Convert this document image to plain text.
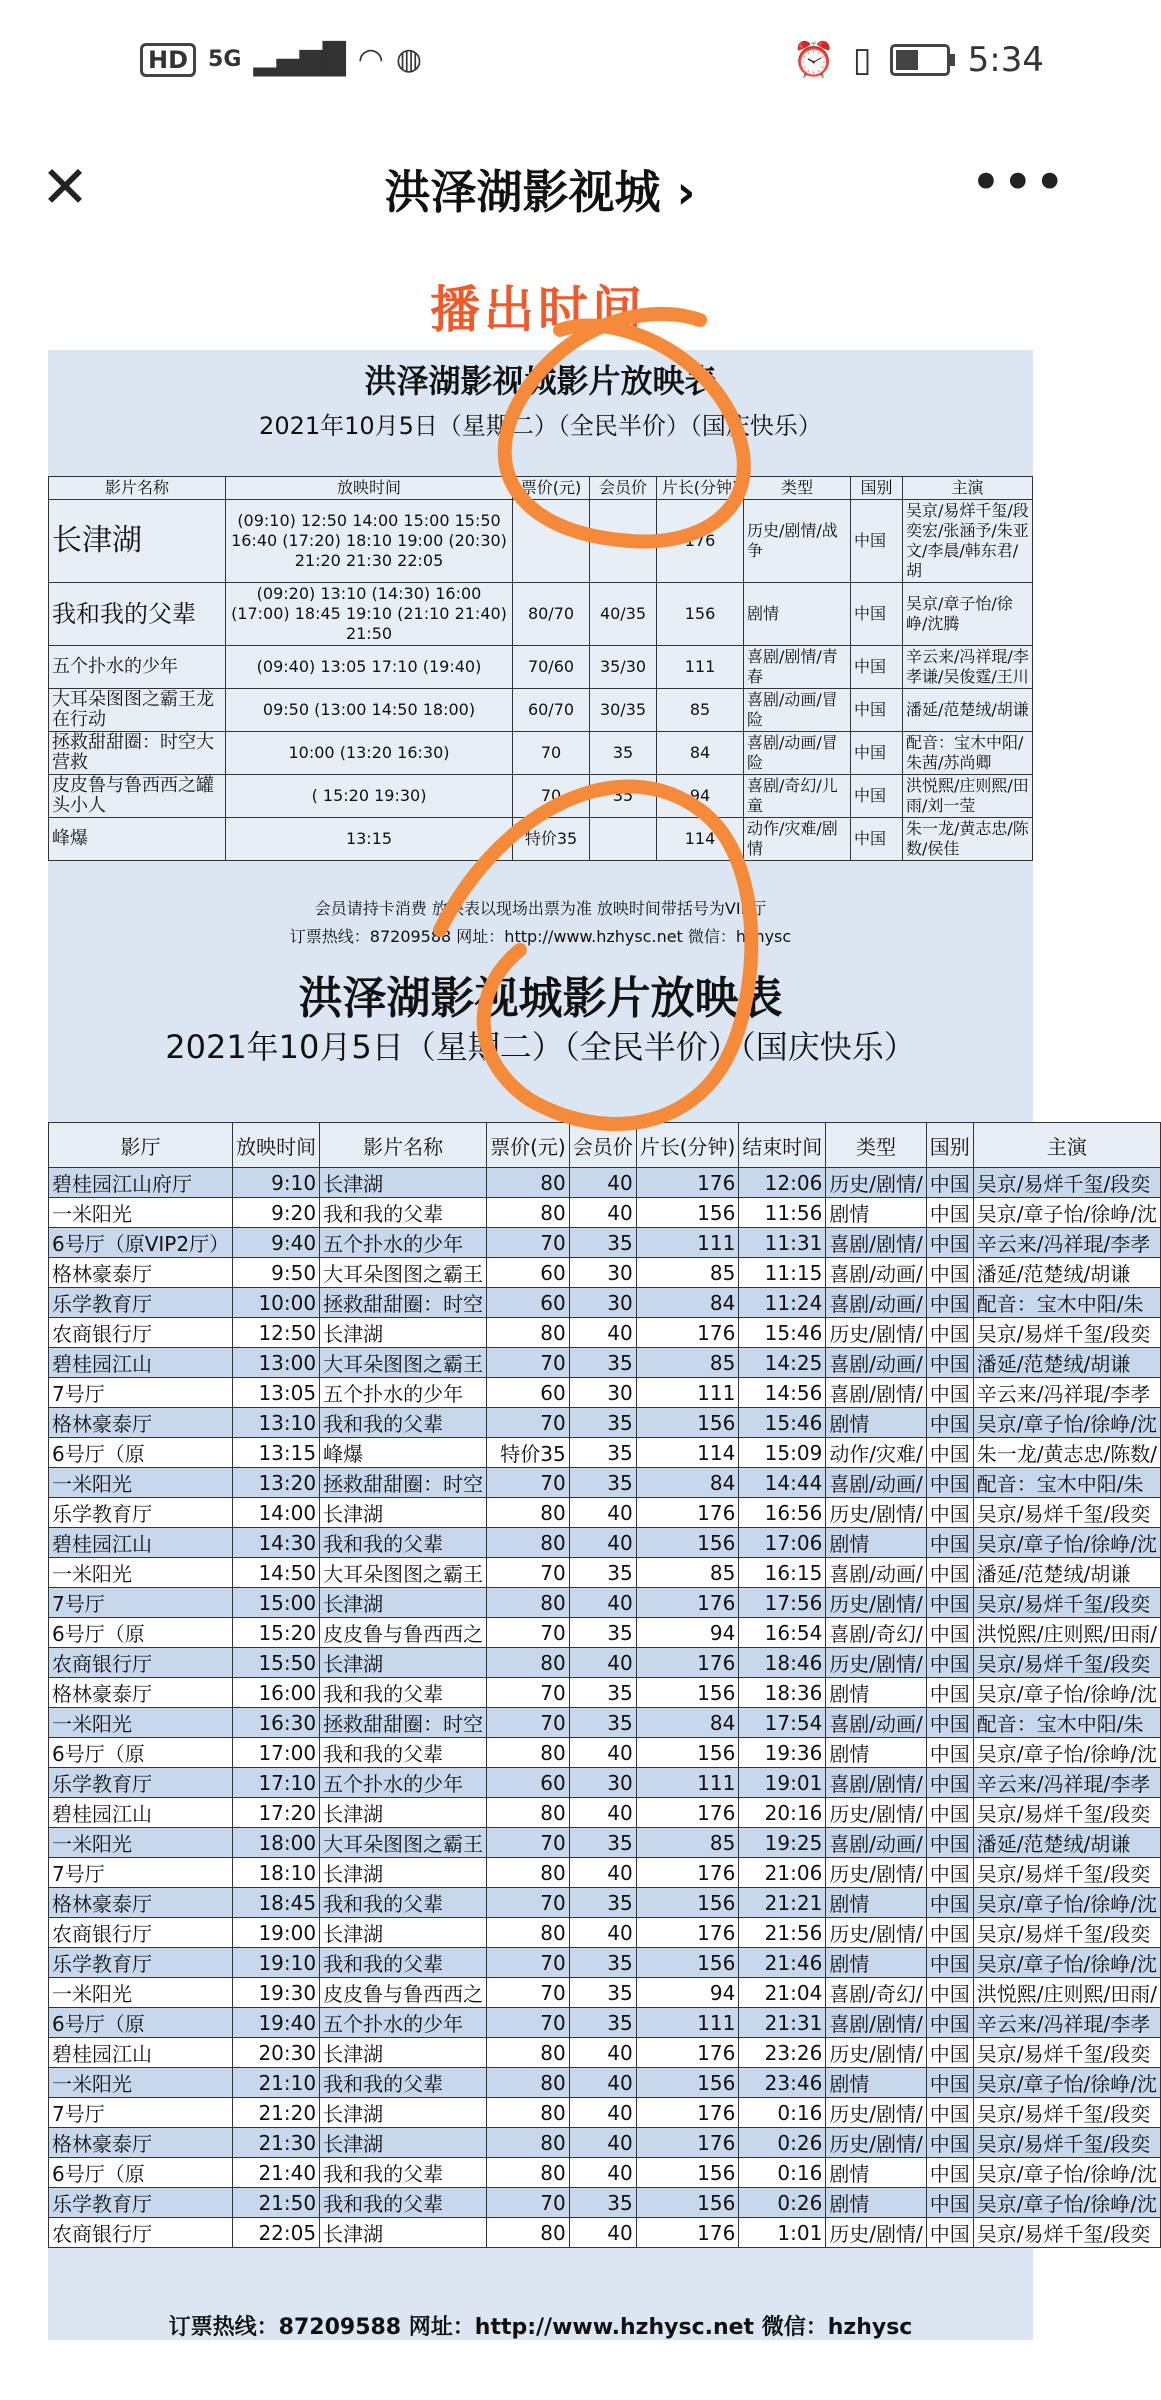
HD 5G ▂▄▆█ ◠ ◍	⏰ ▯	5:34
✕	洪泽湖影视城 ›	•••
播出时间
洪泽湖影视城影片放映表
2021年10月5日（星期二）（全民半价）（国庆快乐）
影片名称	放映时间	票价(元)	会员价	片长(分钟)	类型	国别	主演
长津湖	(09:10) 12:50 14:00 15:00 15:50 16:40 (17:20) 18:10 19:00 (20:30) 21:20 21:30 22:05		40	176	历史/剧情/战争	中国	吴京/易烊千玺/段奕宏/张涵予/朱亚文/李晨/韩东君/胡
我和我的父辈	(09:20) 13:10 (14:30) 16:00 (17:00) 18:45 19:10 (21:10 21:40) 21:50	80/70	40/35	156	剧情	中国	吴京/章子怡/徐峥/沈腾
五个扑水的少年	(09:40) 13:05 17:10 (19:40)	70/60	35/30	111	喜剧/剧情/青春	中国	辛云来/冯祥琨/李孝谦/吴俊霆/王川
大耳朵图图之霸王龙在行动	09:50 (13:00 14:50 18:00)	60/70	30/35	85	喜剧/动画/冒险	中国	潘延/范楚绒/胡谦
拯救甜甜圈：时空大营救	10:00 (13:20 16:30)	70	35	84	喜剧/动画/冒险	中国	配音：宝木中阳/朱茜/苏尚卿
皮皮鲁与鲁西西之罐头小人	( 15:20 19:30)	70	35	94	喜剧/奇幻/儿童	中国	洪悦熙/庄则熙/田雨/刘一莹
峰爆	13:15	特价35		114	动作/灾难/剧情	中国	朱一龙/黄志忠/陈数/侯佳
会员请持卡消费 放映表以现场出票为准 放映时间带括号为VIP厅
订票热线：87209588 网址：http://www.hzhysc.net 微信：hzhysc
洪泽湖影视城影片放映表
2021年10月5日（星期二）（全民半价）（国庆快乐）
影厅	放映时间	影片名称	票价(元)	会员价	片长(分钟)	结束时间	类型	国别	主演
碧桂园江山府厅	9:10	长津湖	80	40	176	12:06	历史/剧情/	中国	吴京/易烊千玺/段奕
一米阳光	9:20	我和我的父辈	80	40	156	11:56	剧情	中国	吴京/章子怡/徐峥/沈
6号厅（原VIP2厅）	9:40	五个扑水的少年	70	35	111	11:31	喜剧/剧情/	中国	辛云来/冯祥琨/李孝
格林豪泰厅	9:50	大耳朵图图之霸王	60	30	85	11:15	喜剧/动画/	中国	潘延/范楚绒/胡谦
乐学教育厅	10:00	拯救甜甜圈：时空	60	30	84	11:24	喜剧/动画/	中国	配音：宝木中阳/朱
农商银行厅	12:50	长津湖	80	40	176	15:46	历史/剧情/	中国	吴京/易烊千玺/段奕
碧桂园江山	13:00	大耳朵图图之霸王	70	35	85	14:25	喜剧/动画/	中国	潘延/范楚绒/胡谦
7号厅	13:05	五个扑水的少年	60	30	111	14:56	喜剧/剧情/	中国	辛云来/冯祥琨/李孝
格林豪泰厅	13:10	我和我的父辈	70	35	156	15:46	剧情	中国	吴京/章子怡/徐峥/沈
6号厅（原	13:15	峰爆	特价35	35	114	15:09	动作/灾难/	中国	朱一龙/黄志忠/陈数/
一米阳光	13:20	拯救甜甜圈：时空	70	35	84	14:44	喜剧/动画/	中国	配音：宝木中阳/朱
乐学教育厅	14:00	长津湖	80	40	176	16:56	历史/剧情/	中国	吴京/易烊千玺/段奕
碧桂园江山	14:30	我和我的父辈	80	40	156	17:06	剧情	中国	吴京/章子怡/徐峥/沈
一米阳光	14:50	大耳朵图图之霸王	70	35	85	16:15	喜剧/动画/	中国	潘延/范楚绒/胡谦
7号厅	15:00	长津湖	80	40	176	17:56	历史/剧情/	中国	吴京/易烊千玺/段奕
6号厅（原	15:20	皮皮鲁与鲁西西之	70	35	94	16:54	喜剧/奇幻/	中国	洪悦熙/庄则熙/田雨/
农商银行厅	15:50	长津湖	80	40	176	18:46	历史/剧情/	中国	吴京/易烊千玺/段奕
格林豪泰厅	16:00	我和我的父辈	70	35	156	18:36	剧情	中国	吴京/章子怡/徐峥/沈
一米阳光	16:30	拯救甜甜圈：时空	70	35	84	17:54	喜剧/动画/	中国	配音：宝木中阳/朱
6号厅（原	17:00	我和我的父辈	80	40	156	19:36	剧情	中国	吴京/章子怡/徐峥/沈
乐学教育厅	17:10	五个扑水的少年	60	30	111	19:01	喜剧/剧情/	中国	辛云来/冯祥琨/李孝
碧桂园江山	17:20	长津湖	80	40	176	20:16	历史/剧情/	中国	吴京/易烊千玺/段奕
一米阳光	18:00	大耳朵图图之霸王	70	35	85	19:25	喜剧/动画/	中国	潘延/范楚绒/胡谦
7号厅	18:10	长津湖	80	40	176	21:06	历史/剧情/	中国	吴京/易烊千玺/段奕
格林豪泰厅	18:45	我和我的父辈	70	35	156	21:21	剧情	中国	吴京/章子怡/徐峥/沈
农商银行厅	19:00	长津湖	80	40	176	21:56	历史/剧情/	中国	吴京/易烊千玺/段奕
乐学教育厅	19:10	我和我的父辈	70	35	156	21:46	剧情	中国	吴京/章子怡/徐峥/沈
一米阳光	19:30	皮皮鲁与鲁西西之	70	35	94	21:04	喜剧/奇幻/	中国	洪悦熙/庄则熙/田雨/
6号厅（原	19:40	五个扑水的少年	70	35	111	21:31	喜剧/剧情/	中国	辛云来/冯祥琨/李孝
碧桂园江山	20:30	长津湖	80	40	176	23:26	历史/剧情/	中国	吴京/易烊千玺/段奕
一米阳光	21:10	我和我的父辈	80	40	156	23:46	剧情	中国	吴京/章子怡/徐峥/沈
7号厅	21:20	长津湖	80	40	176	0:16	历史/剧情/	中国	吴京/易烊千玺/段奕
格林豪泰厅	21:30	长津湖	80	40	176	0:26	历史/剧情/	中国	吴京/易烊千玺/段奕
6号厅（原	21:40	我和我的父辈	80	40	156	0:16	剧情	中国	吴京/章子怡/徐峥/沈
乐学教育厅	21:50	我和我的父辈	70	35	156	0:26	剧情	中国	吴京/章子怡/徐峥/沈
农商银行厅	22:05	长津湖	80	40	176	1:01	历史/剧情/	中国	吴京/易烊千玺/段奕
订票热线：87209588 网址：http://www.hzhysc.net 微信：hzhysc
